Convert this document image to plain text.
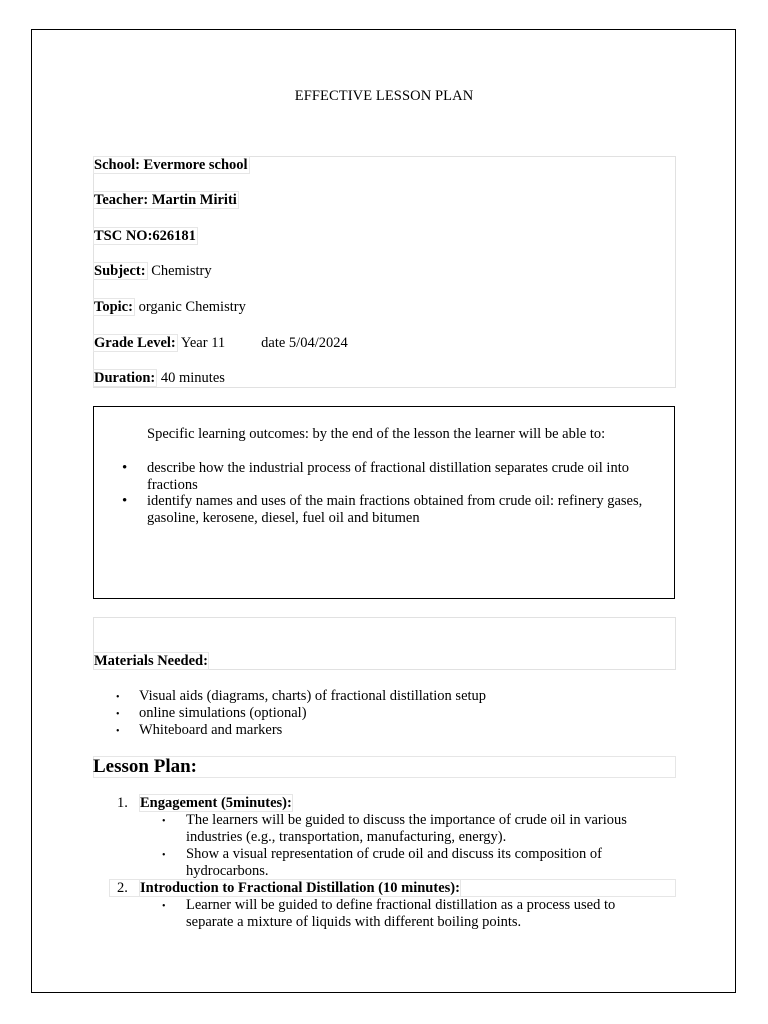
EFFECTIVE LESSON PLAN
School: Evermore school
Teacher: Martin Miriti
TSC NO:626181
Subject: Chemistry
Topic: organic Chemistry
Grade Level: Year 11 date 5/04/2024
Duration: 40 minutes
Specific learning outcomes: by the end of the lesson the learner will be able to:
• describe how the industrial process of fractional distillation separates crude oil into fractions
• identify names and uses of the main fractions obtained from crude oil: refinery gases, gasoline, kerosene, diesel, fuel oil and bitumen
Materials Needed:
• Visual aids (diagrams, charts) of fractional distillation setup
• online simulations (optional)
• Whiteboard and markers
Lesson Plan:
1. Engagement (5minutes):
• The learners will be guided to discuss the importance of crude oil in various industries (e.g., transportation, manufacturing, energy).
• Show a visual representation of crude oil and discuss its composition of hydrocarbons.
2. Introduction to Fractional Distillation (10 minutes):
• Learner will be guided to define fractional distillation as a process used to separate a mixture of liquids with different boiling points.
